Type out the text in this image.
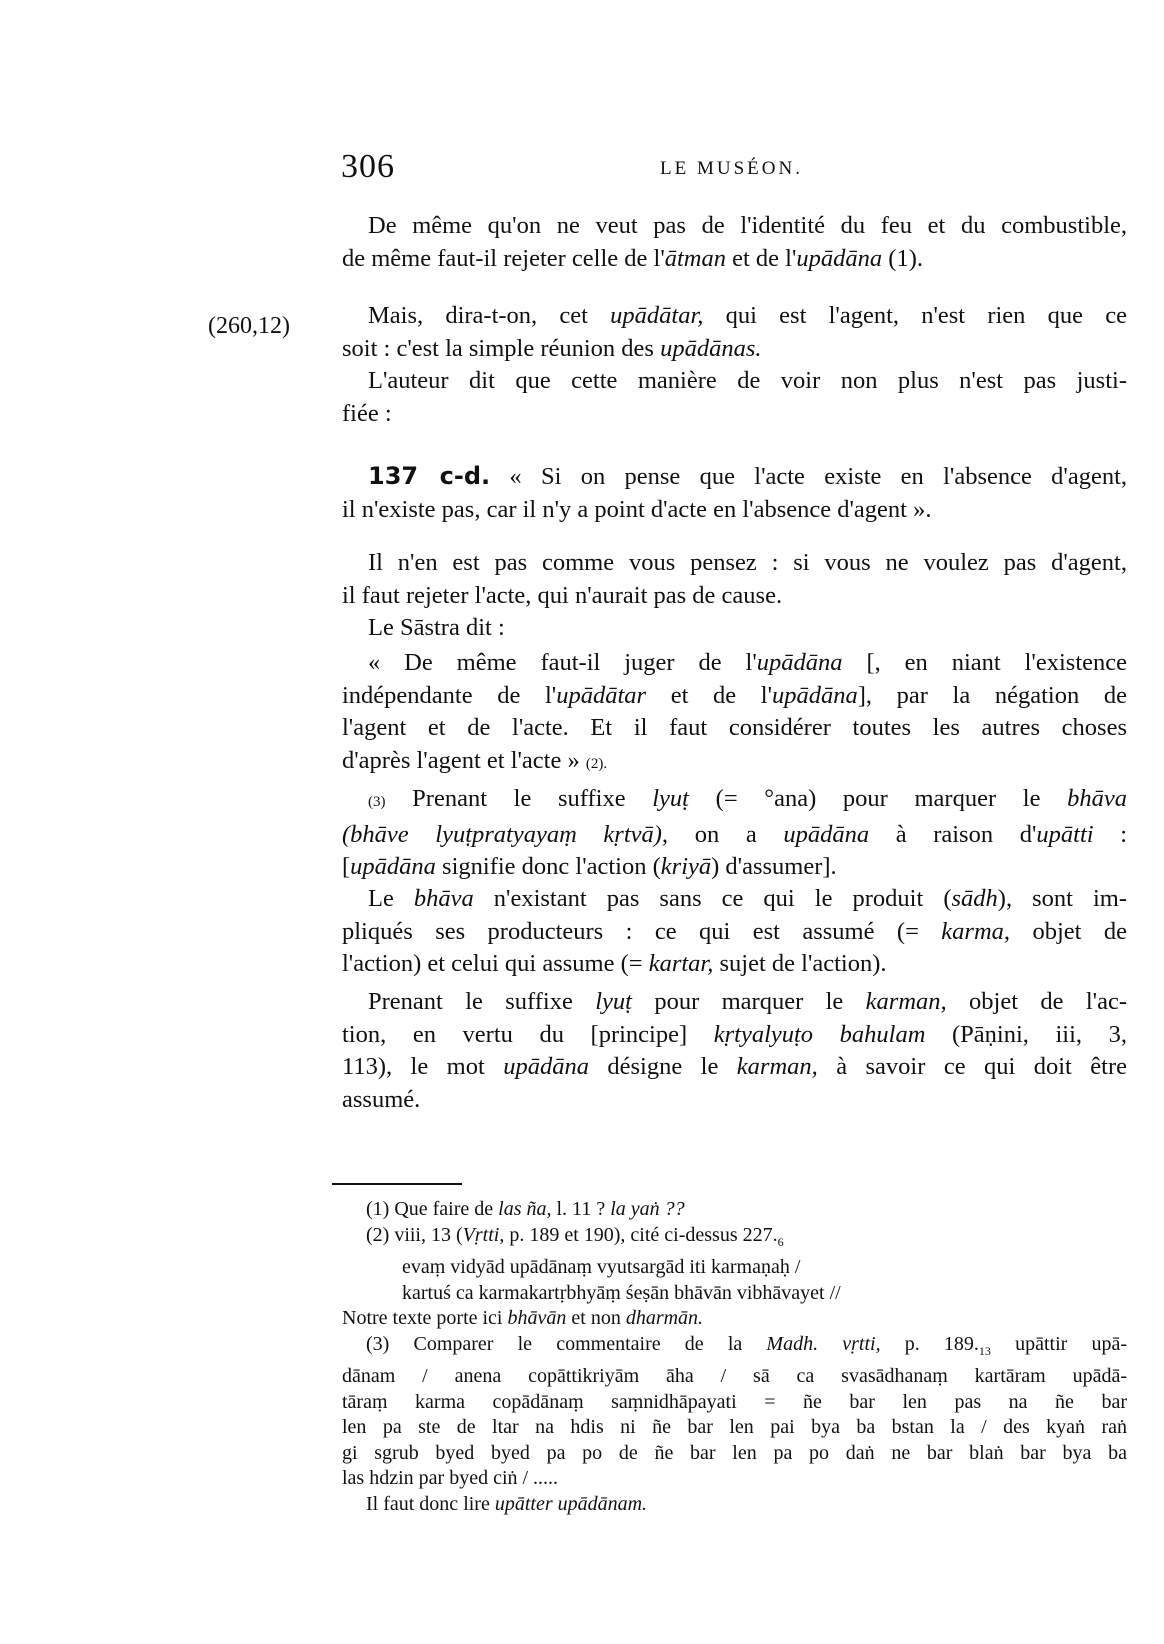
306	LE MUSÉON.
De même qu'on ne veut pas de l'identité du feu et du combustible,
de même faut-il rejeter celle de l'ātman et de l'upādāna (1).
(260,12)	Mais, dira-t-on, cet upādātar, qui est l'agent, n'est rien que ce
soit : c'est la simple réunion des upādānas.
L'auteur dit que cette manière de voir non plus n'est pas justi-
fiée :
137 c-d. « Si on pense que l'acte existe en l'absence d'agent,
il n'existe pas, car il n'y a point d'acte en l'absence d'agent ».
Il n'en est pas comme vous pensez : si vous ne voulez pas d'agent,
il faut rejeter l'acte, qui n'aurait pas de cause.
Le Sāstra dit :
« De même faut-il juger de l'upādāna [, en niant l'existence
indépendante de l'upādātar et de l'upādāna], par la négation de
l'agent et de l'acte. Et il faut considérer toutes les autres choses
d'après l'agent et l'acte » (2).
(3) Prenant le suffixe lyuṭ (= °ana) pour marquer le bhāva
(bhāve lyuṭpratyayaṃ kṛtvā), on a upādāna à raison d'upātti :
[upādāna signifie donc l'action (kriyā) d'assumer].
Le bhāva n'existant pas sans ce qui le produit (sādh), sont im-
pliqués ses producteurs : ce qui est assumé (= karma, objet de
l'action) et celui qui assume (= kartar, sujet de l'action).
Prenant le suffixe lyuṭ pour marquer le karman, objet de l'ac-
tion, en vertu du [principe] kṛtyalyuṭo bahulam (Pāṇini, iii, 3,
113), le mot upādāna désigne le karman, à savoir ce qui doit être
assumé.
(1) Que faire de las ña, l. 11 ? la yaṅ ??
(2) viii, 13 (Vṛtti, p. 189 et 190), cité ci-dessus $227._6$
evaṃ vidyād upādānaṃ vyutsargād iti karmaṇaḥ /
kartuś ca karmakartṛbhyāṃ śeṣān bhāvān vibhāvayet //
Notre texte porte ici bhāvān et non dharmān.
(3) Comparer le commentaire de la Madh. vṛtti, p. $189._{13}$ upāttir upā-
dānam / anena copāttikriyām āha / sā ca svasādhanaṃ kartāram upādā-
tāraṃ karma copādānaṃ saṃnidhāpayati = ñe bar len pas na ñe bar
len pa ste de ltar na hdis ni ñe bar len pai bya ba bstan la / des kyaṅ raṅ
gi sgrub byed byed pa po de ñe bar len pa po daṅ ne bar blaṅ bar bya ba
las hdzin par byed ciṅ / .....
Il faut donc lire upātter upādānam.
